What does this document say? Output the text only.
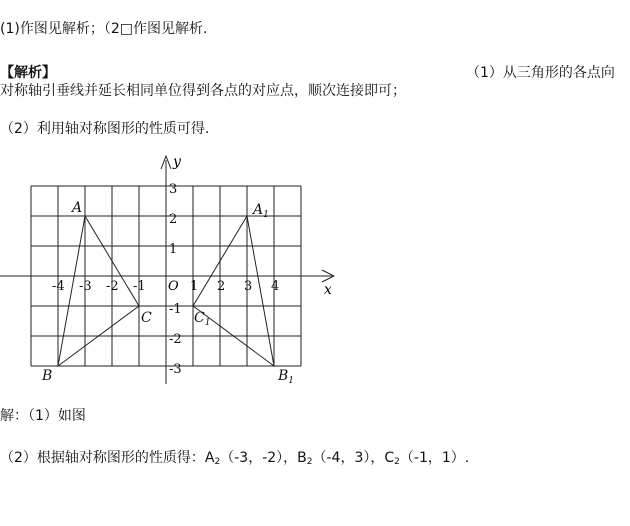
(1)作图见解析；（2□作图见解析.
【解析】	（1）从三角形的各点向
对称轴引垂线并延长相同单位得到各点的对应点，顺次连接即可；
（2）利用轴对称图形的性质可得.
x
y
O
-4 -3 -2 -1	1 2 3 4
3
2
1
-1
-2
-3
A
B
C
$A_1$
$B_1$
$C_1$
解：（1）如图
（2）根据轴对称图形的性质得：$A_2(-3$，-2），$B_2(-4$，3），$C_2(-1$，1）.
